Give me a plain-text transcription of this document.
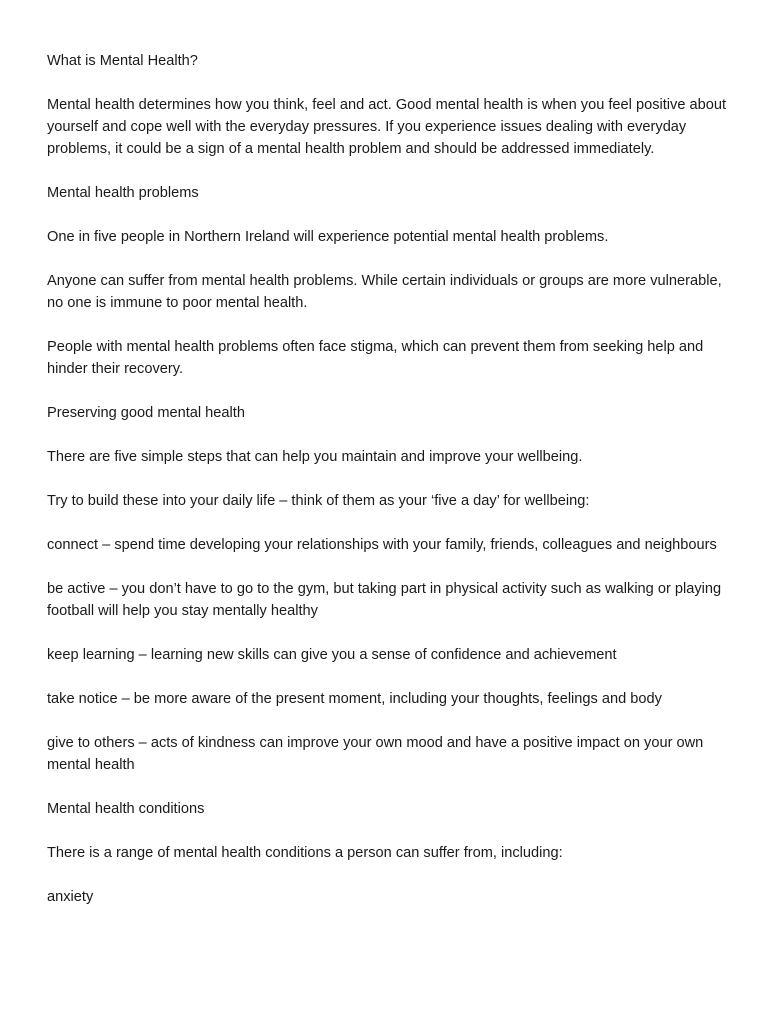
What is Mental Health?

Mental health determines how you think, feel and act. Good mental health is when you feel positive about yourself and cope well with the everyday pressures. If you experience issues dealing with everyday problems, it could be a sign of a mental health problem and should be addressed immediately.

Mental health problems

One in five people in Northern Ireland will experience potential mental health problems.

Anyone can suffer from mental health problems. While certain individuals or groups are more vulnerable, no one is immune to poor mental health.

People with mental health problems often face stigma, which can prevent them from seeking help and hinder their recovery.

Preserving good mental health

There are five simple steps that can help you maintain and improve your wellbeing.

Try to build these into your daily life – think of them as your ‘five a day’ for wellbeing:

connect – spend time developing your relationships with your family, friends, colleagues and neighbours

be active – you don’t have to go to the gym, but taking part in physical activity such as walking or playing football will help you stay mentally healthy

keep learning – learning new skills can give you a sense of confidence and achievement

take notice – be more aware of the present moment, including your thoughts, feelings and body

give to others – acts of kindness can improve your own mood and have a positive impact on your own mental health

Mental health conditions

There is a range of mental health conditions a person can suffer from, including:

anxiety
